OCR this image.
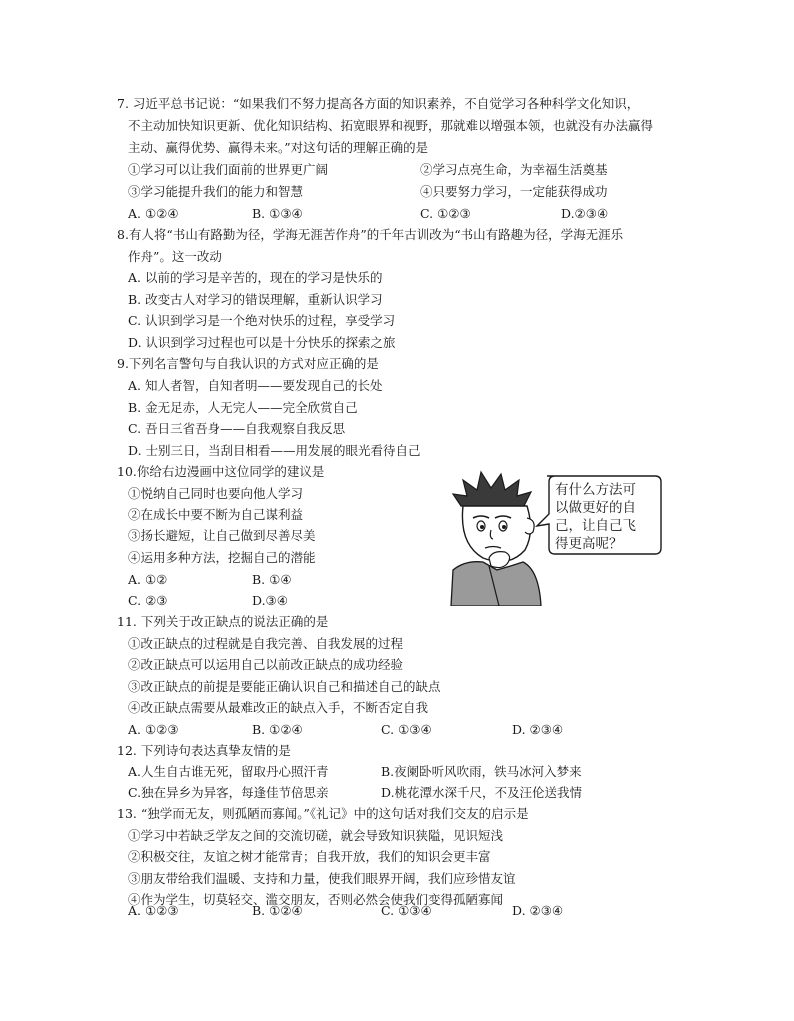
7. 习近平总书记说：“如果我们不努力提高各方面的知识素养，不自觉学习各种科学文化知识，
不主动加快知识更新、优化知识结构、拓宽眼界和视野，那就难以增强本领，也就没有办法赢得
主动、赢得优势、赢得未来。”对这句话的理解正确的是
①学习可以让我们面前的世界更广阔	②学习点亮生命，为幸福生活奠基
③学习能提升我们的能力和智慧	④只要努力学习，一定能获得成功
A. ①②④	B. ①③④	C. ①②③	D.②③④
8.有人将“书山有路勤为径，学海无涯苦作舟”的千年古训改为“书山有路趣为径，学海无涯乐
作舟”。这一改动
A. 以前的学习是辛苦的，现在的学习是快乐的
B. 改变古人对学习的错误理解，重新认识学习
C. 认识到学习是一个绝对快乐的过程，享受学习
D. 认识到学习过程也可以是十分快乐的探索之旅
9.下列名言警句与自我认识的方式对应正确的是
A. 知人者智，自知者明——要发现自己的长处
B. 金无足赤，人无完人——完全欣赏自己
C. 吾日三省吾身——自我观察自我反思
D. 士别三日，当刮目相看——用发展的眼光看待自己
10.你给右边漫画中这位同学的建议是
①悦纳自己同时也要向他人学习
②在成长中要不断为自己谋利益
③扬长避短，让自己做到尽善尽美
④运用多种方法，挖掘自己的潜能
A. ①②	B. ①④
C. ②③	D.③④
有什么方法可
以做更好的自
己，让自己飞
得更高呢？
11. 下列关于改正缺点的说法正确的是
①改正缺点的过程就是自我完善、自我发展的过程
②改正缺点可以运用自己以前改正缺点的成功经验
③改正缺点的前提是要能正确认识自己和描述自己的缺点
④改正缺点需要从最难改正的缺点入手，不断否定自我
A. ①②③	B. ①②④	C. ①③④	D. ②③④
12. 下列诗句表达真挚友情的是
A.人生自古谁无死，留取丹心照汗青	B.夜阑卧听风吹雨，铁马冰河入梦来
C.独在异乡为异客，每逢佳节倍思亲	D.桃花潭水深千尺，不及汪伦送我情
13. “独学而无友，则孤陋而寡闻。”《礼记》中的这句话对我们交友的启示是
①学习中若缺乏学友之间的交流切磋，就会导致知识狭隘，见识短浅
②积极交往，友谊之树才能常青；自我开放，我们的知识会更丰富
③朋友带给我们温暖、支持和力量，使我们眼界开阔，我们应珍惜友谊
④作为学生，切莫轻交、滥交朋友，否则必然会使我们变得孤陋寡闻
A. ①②③	B. ①②④	C. ①③④	D. ②③④
